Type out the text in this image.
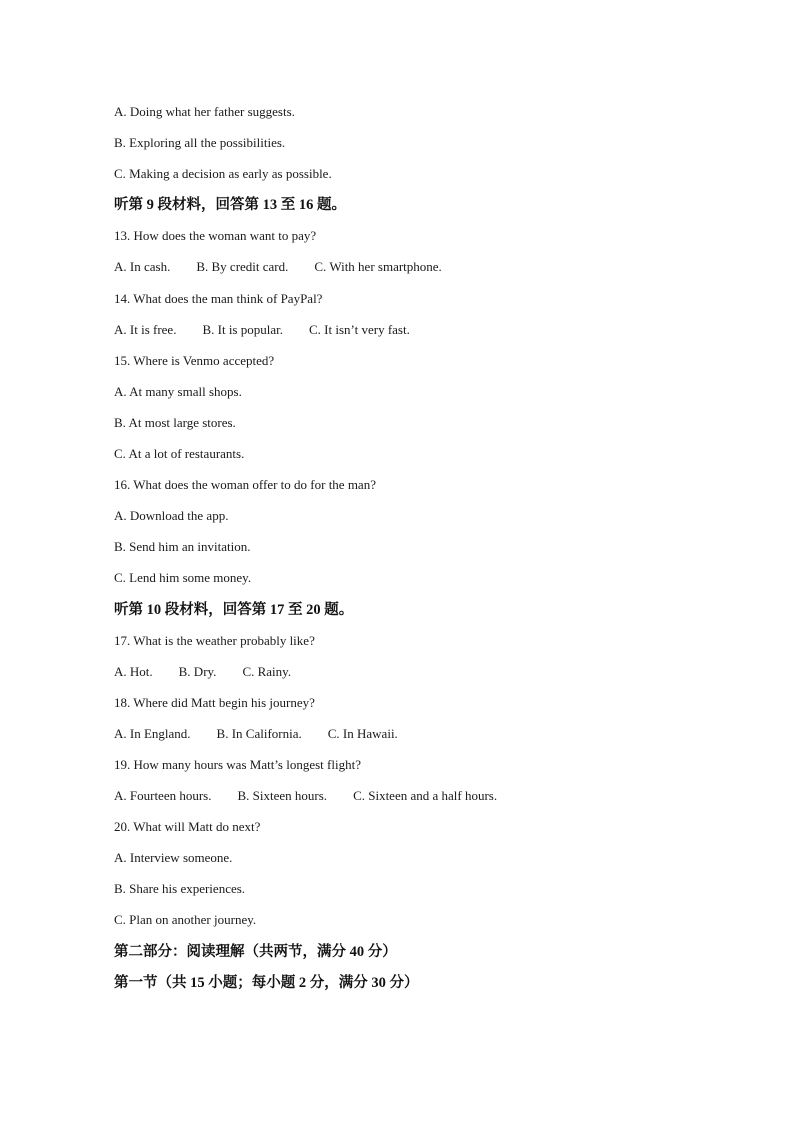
A. Doing what her father suggests.
B. Exploring all the possibilities.
C. Making a decision as early as possible.
听第 9 段材料，回答第 13 至 16 题。
13. How does the woman want to pay?
A. In cash. B. By credit card. C. With her smartphone.
14. What does the man think of PayPal?
A. It is free. B. It is popular. C. It isn’t very fast.
15. Where is Venmo accepted?
A. At many small shops.
B. At most large stores.
C. At a lot of restaurants.
16. What does the woman offer to do for the man?
A. Download the app.
B. Send him an invitation.
C. Lend him some money.
听第 10 段材料，回答第 17 至 20 题。
17. What is the weather probably like?
A. Hot. B. Dry. C. Rainy.
18. Where did Matt begin his journey?
A. In England. B. In California. C. In Hawaii.
19. How many hours was Matt’s longest flight?
A. Fourteen hours. B. Sixteen hours. C. Sixteen and a half hours.
20. What will Matt do next?
A. Interview someone.
B. Share his experiences.
C. Plan on another journey.
第二部分：阅读理解（共两节，满分 40 分）
第一节（共 15 小题；每小题 2 分，满分 30 分）
